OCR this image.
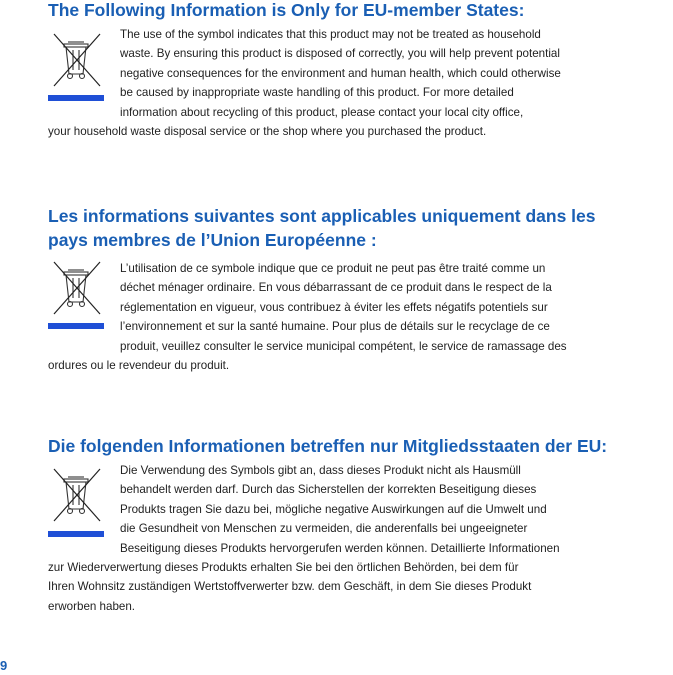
The Following Information is Only for EU-member States:
The use of the symbol indicates that this product may not be treated as household
waste. By ensuring this product is disposed of correctly, you will help prevent potential
negative consequences for the environment and human health, which could otherwise
be caused by inappropriate waste handling of this product. For more detailed
information about recycling of this product, please contact your local city office,
your household waste disposal service or the shop where you purchased the product.
Les informations suivantes sont applicables uniquement dans les
pays membres de l’Union Européenne :
L’utilisation de ce symbole indique que ce produit ne peut pas être traité comme un
déchet ménager ordinaire. En vous débarrassant de ce produit dans le respect de la
réglementation en vigueur, vous contribuez à éviter les effets négatifs potentiels sur
l’environnement et sur la santé humaine. Pour plus de détails sur le recyclage de ce
produit, veuillez consulter le service municipal compétent, le service de ramassage des
ordures ou le revendeur du produit.
Die folgenden Informationen betreffen nur Mitgliedsstaaten der EU:
Die Verwendung des Symbols gibt an, dass dieses Produkt nicht als Hausmüll
behandelt werden darf. Durch das Sicherstellen der korrekten Beseitigung dieses
Produkts tragen Sie dazu bei, mögliche negative Auswirkungen auf die Umwelt und
die Gesundheit von Menschen zu vermeiden, die anderenfalls bei ungeeigneter
Beseitigung dieses Produkts hervorgerufen werden können. Detaillierte Informationen
zur Wiederverwertung dieses Produkts erhalten Sie bei den örtlichen Behörden, bei dem für
Ihren Wohnsitz zuständigen Wertstoffverwerter bzw. dem Geschäft, in dem Sie dieses Produkt
erworben haben.
9
